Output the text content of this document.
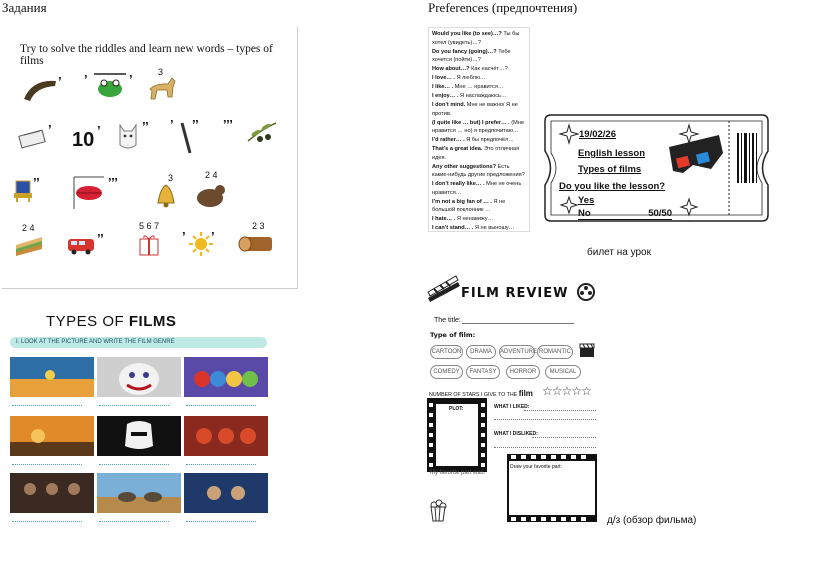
Задания	Preferences (предпочтения)
Try to solve the riddles and learn new words – types of films
’ ’	’	3
’ 10 ’	’’ ’ ’’ ’’’
’’	’’’	3	2 4
2 4
’’
5 6 7
’ ’
2 3
TYPES OF FILMS
I. LOOK AT THE PICTURE AND WRITE THE FILM GENRE

Would you like (to see)…? Ты бы хотел (увидеть)…?

Do you fancy (going)…? Тебе хочется (пойти)…?

How about…? Как насчёт…?

I love… . Я люблю…

I like… . Мне … нравится…

I enjoy… . Я наслаждаюсь…

I don’t mind. Мне не важно/ Я не против.

(I quite like … but) I prefer… . (Мне нравится … но) я предпочитаю…

I’d rather… . Я бы предпочёл…

That’s a great idea. Это отличная идея.

Any other suggestions? Есть какие-нибудь другие предложения?

I don’t really like… . Мне не очень нравится…

I’m not a big fan of … . Я не большой поклонник …

I hate… . Я ненавижу…

I can’t stand… . Я не выношу…

19/02/26
English lesson
Types of films
Do you like the lesson?
Yes
No	50/50
билет на урок
FILM REVIEW
The title:
Type of film:
CARTOON	DRAMA	ADVENTURE ROMANTIC
COMEDY	FANTASY	HORROR	MUSICAL
NUMBER OF STARS I GIVE TO THE film ☆☆☆☆☆
PLOT:	WHAT I LIKED:
WHAT I DISLIKED:
My favorite part was:
Draw your favorite part:
д/з (обзор фильма)
